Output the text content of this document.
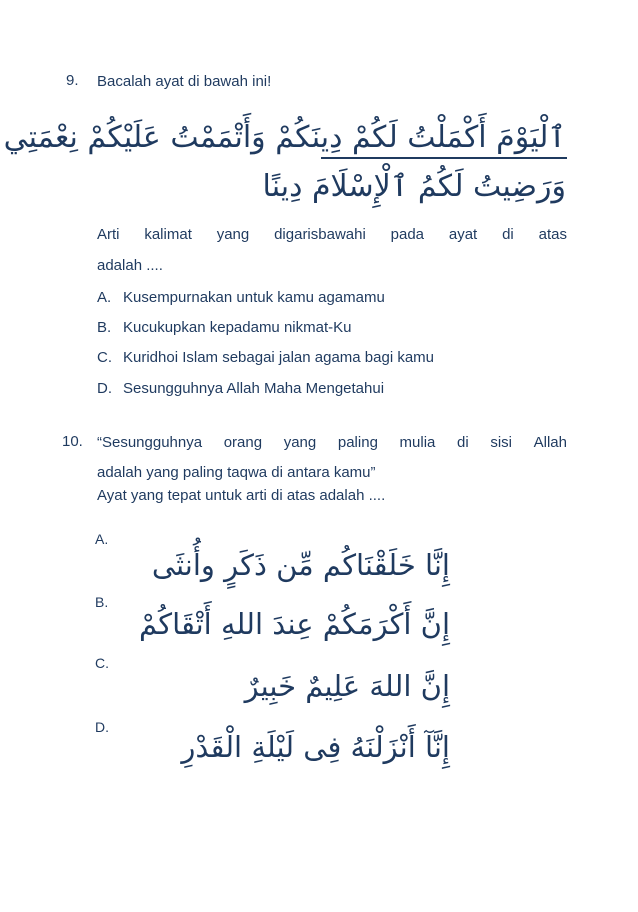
9. Bacalah ayat di bawah ini!
ٱلْيَوْمَ أَكْمَلْتُ لَكُمْ دِينَكُمْ وَأَتْمَمْتُ عَلَيْكُمْ نِعْمَتِي
وَرَضِيتُ لَكُمُ ٱلْإِسْلَامَ دِينًا
Arti kalimat yang digarisbawahi pada ayat di atas
adalah ....
A. Kusempurnakan untuk kamu agamamu
B. Kucukupkan kepadamu nikmat-Ku
C. Kuridhoi Islam sebagai jalan agama bagi kamu
D. Sesungguhnya Allah Maha Mengetahui
10. “Sesungguhnya orang yang paling mulia di sisi Allah
adalah yang paling taqwa di antara kamu”
Ayat yang tepat untuk arti di atas adalah ....
A.
إِنَّا خَلَقْنَاكُم مِّن ذَكَرٍ وأُنثَى
B.
إِنَّ أَكْرَمَكُمْ عِندَ اللهِ أَتْقَاكُمْ
C.
إِنَّ اللهَ عَلِيمٌ خَبِيرٌ
D.
إِنَّآ أَنْزَلْنَهُ فِى لَيْلَةِ الْقَدْرِ
